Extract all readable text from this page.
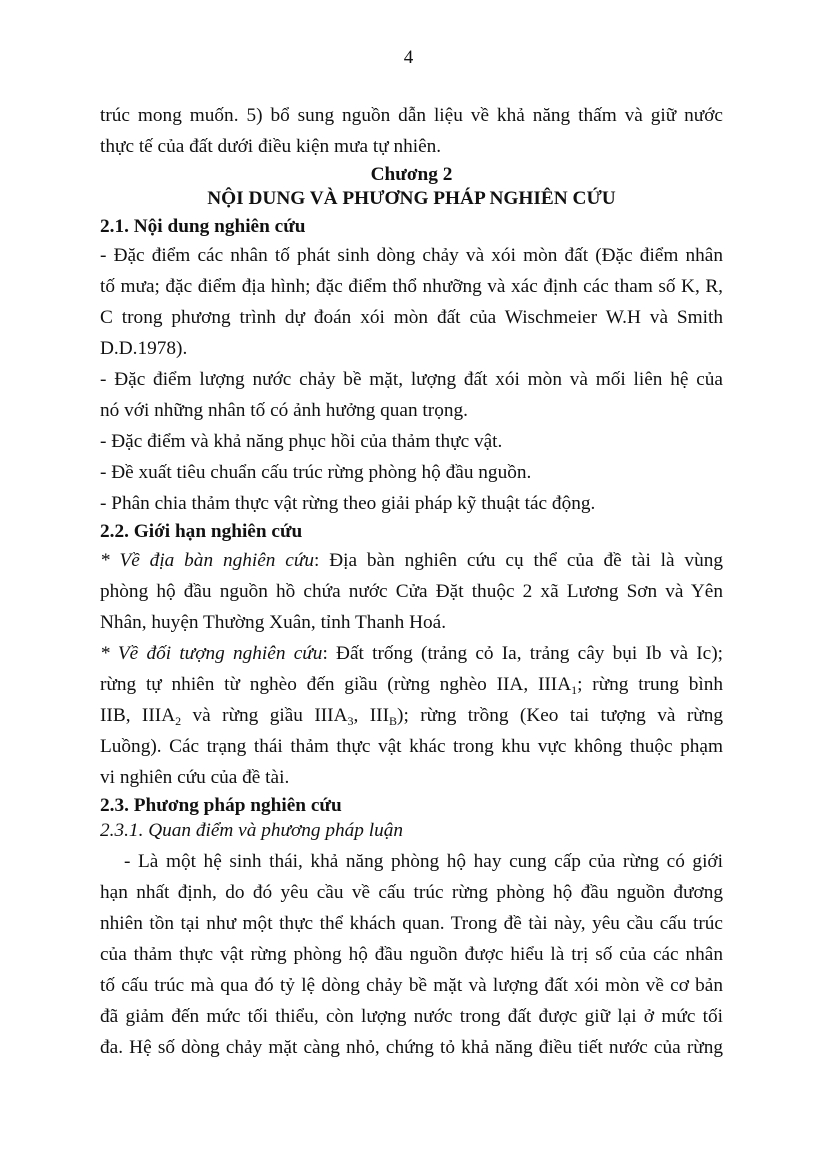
4

trúc mong muốn. 5) bổ sung nguồn dẫn liệu về khả năng thấm và giữ nước

thực tế của đất dưới điều kiện mưa tự nhiên.

Chương 2

NỘI DUNG VÀ PHƯƠNG PHÁP NGHIÊN CỨU

2.1. Nội dung nghiên cứu

- Đặc điểm các nhân tố phát sinh dòng chảy và xói mòn đất (Đặc điểm nhân

tố mưa; đặc điểm địa hình; đặc điểm thổ nhưỡng và xác định các tham số K, R,

C trong phương trình dự đoán xói mòn đất của Wischmeier W.H và Smith

D.D.1978).

- Đặc điểm lượng nước chảy bề mặt, lượng đất xói mòn và mối liên hệ của

nó với những nhân tố có ảnh hưởng quan trọng.

- Đặc điểm và khả năng phục hồi của thảm thực vật.

- Đề xuất tiêu chuẩn cấu trúc rừng phòng hộ đầu nguồn.

- Phân chia thảm thực vật rừng theo giải pháp kỹ thuật tác động.

2.2. Giới hạn nghiên cứu

* Về địa bàn nghiên cứu: Địa bàn nghiên cứu cụ thể của đề tài là vùng

phòng hộ đầu nguồn hồ chứa nước Cửa Đặt thuộc 2 xã Lương Sơn và Yên

Nhân, huyện Thường Xuân, tỉnh Thanh Hoá.

* Về đối tượng nghiên cứu: Đất trống (trảng cỏ Ia, trảng cây bụi Ib và Ic);

rừng tự nhiên từ nghèo đến giầu (rừng nghèo IIA, $IIIA_1$; rừng trung bình

IIB, $IIIA_2$ và rừng giầu $IIIA_3$, $III_B$); rừng trồng (Keo tai tượng và rừng

Luồng). Các trạng thái thảm thực vật khác trong khu vực không thuộc phạm

vi nghiên cứu của đề tài.

2.3. Phương pháp nghiên cứu

2.3.1. Quan điểm và phương pháp luận

- Là một hệ sinh thái, khả năng phòng hộ hay cung cấp của rừng có giới

hạn nhất định, do đó yêu cầu về cấu trúc rừng phòng hộ đầu nguồn đương

nhiên tồn tại như một thực thể khách quan. Trong đề tài này, yêu cầu cấu trúc

của thảm thực vật rừng phòng hộ đầu nguồn được hiểu là trị số của các nhân

tố cấu trúc mà qua đó tỷ lệ dòng chảy bề mặt và lượng đất xói mòn về cơ bản

đã giảm đến mức tối thiểu, còn lượng nước trong đất được giữ lại ở mức tối

đa. Hệ số dòng chảy mặt càng nhỏ, chứng tỏ khả năng điều tiết nước của rừng
